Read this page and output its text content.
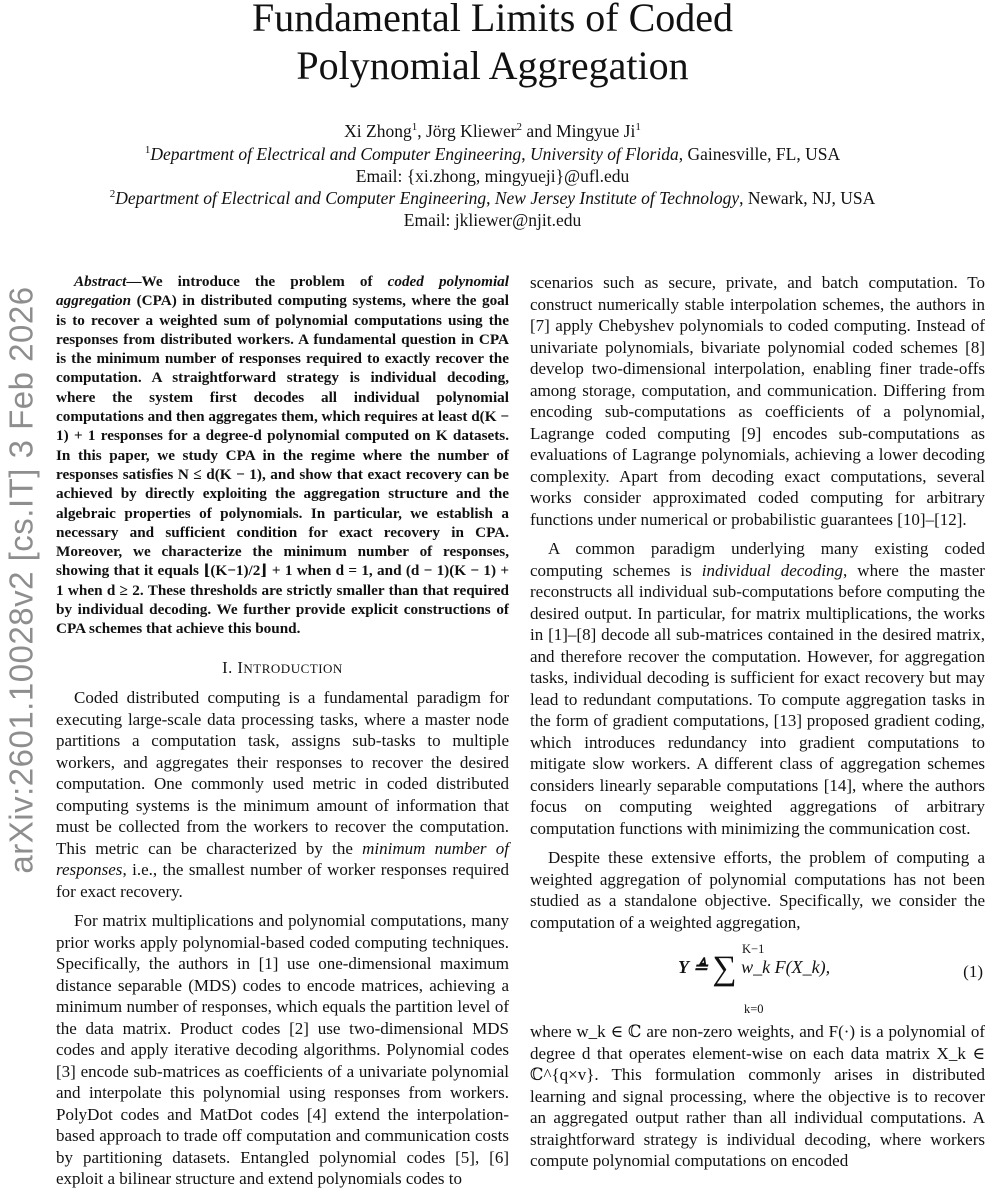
Fundamental Limits of Coded
Polynomial Aggregation
Xi Zhong$^1$, Jörg Kliewer$^2$ and Mingyue Ji$^1$
$^1$Department of Electrical and Computer Engineering, University of Florida, Gainesville, FL, USA
Email: {xi.zhong, mingyueji}@ufl.edu
$^2$Department of Electrical and Computer Engineering, New Jersey Institute of Technology, Newark, NJ, USA
Email: jkliewer@njit.edu
arXiv:2601.10028v2 [cs.IT] 3 Feb 2026

Abstract—We introduce the problem of coded polynomial aggregation (CPA) in distributed computing systems, where the goal is to recover a weighted sum of polynomial computations using the responses from distributed workers. A fundamental question in CPA is the minimum number of responses required to exactly recover the computation. A straightforward strategy is individual decoding, where the system first decodes all individual polynomial computations and then aggregates them, which requires at least d(K − 1) + 1 responses for a degree-d polynomial computed on K datasets. In this paper, we study CPA in the regime where the number of responses satisfies N ≤ d(K − 1), and show that exact recovery can be achieved by directly exploiting the aggregation structure and the algebraic properties of polynomials. In particular, we establish a necessary and sufficient condition for exact recovery in CPA. Moreover, we characterize the minimum number of responses, showing that it equals ⌊(K−1)/2⌋ + 1 when d = 1, and (d − 1)(K − 1) + 1 when d ≥ 2. These thresholds are strictly smaller than that required by individual decoding. We further provide explicit constructions of CPA schemes that achieve this bound.

I. INTRODUCTION

Coded distributed computing is a fundamental paradigm for executing large-scale data processing tasks, where a master node partitions a computation task, assigns sub-tasks to multiple workers, and aggregates their responses to recover the desired computation. One commonly used metric in coded distributed computing systems is the minimum amount of information that must be collected from the workers to recover the computation. This metric can be characterized by the minimum number of responses, i.e., the smallest number of worker responses required for exact recovery.

For matrix multiplications and polynomial computations, many prior works apply polynomial-based coded computing techniques. Specifically, the authors in [1] use one-dimensional maximum distance separable (MDS) codes to encode matrices, achieving a minimum number of responses, which equals the partition level of the data matrix. Product codes [2] use two-dimensional MDS codes and apply iterative decoding algorithms. Polynomial codes [3] encode sub-matrices as coefficients of a univariate polynomial and interpolate this polynomial using responses from workers. PolyDot codes and MatDot codes [4] extend the interpolation-based approach to trade off computation and communication costs by partitioning datasets. Entangled polynomial codes [5], [6] exploit a bilinear structure and extend polynomials codes to

scenarios such as secure, private, and batch computation. To construct numerically stable interpolation schemes, the authors in [7] apply Chebyshev polynomials to coded computing. Instead of univariate polynomials, bivariate polynomial coded schemes [8] develop two-dimensional interpolation, enabling finer trade-offs among storage, computation, and communication. Differing from encoding sub-computations as coefficients of a polynomial, Lagrange coded computing [9] encodes sub-computations as evaluations of Lagrange polynomials, achieving a lower decoding complexity. Apart from decoding exact computations, several works consider approximated coded computing for arbitrary functions under numerical or probabilistic guarantees [10]–[12].

A common paradigm underlying many existing coded computing schemes is individual decoding, where the master reconstructs all individual sub-computations before computing the desired output. In particular, for matrix multiplications, the works in [1]–[8] decode all sub-matrices contained in the desired matrix, and therefore recover the computation. However, for aggregation tasks, individual decoding is sufficient for exact recovery but may lead to redundant computations. To compute aggregation tasks in the form of gradient computations, [13] proposed gradient coding, which introduces redundancy into gradient computations to mitigate slow workers. A different class of aggregation schemes considers linearly separable computations [14], where the authors focus on computing weighted aggregations of arbitrary computation functions with minimizing the communication cost.

Despite these extensive efforts, the problem of computing a weighted aggregation of polynomial computations has not been studied as a standalone objective. Specifically, we consider the computation of a weighted aggregation,

K−1
Y ≜ ∑ w_k F(X_k),
k=0
(1)

where w_k ∈ ℂ are non-zero weights, and F(·) is a polynomial of degree d that operates element-wise on each data matrix X_k ∈ ℂ^{q×v}. This formulation commonly arises in distributed learning and signal processing, where the objective is to recover an aggregated output rather than all individual computations. A straightforward strategy is individual decoding, where workers compute polynomial computations on encoded
